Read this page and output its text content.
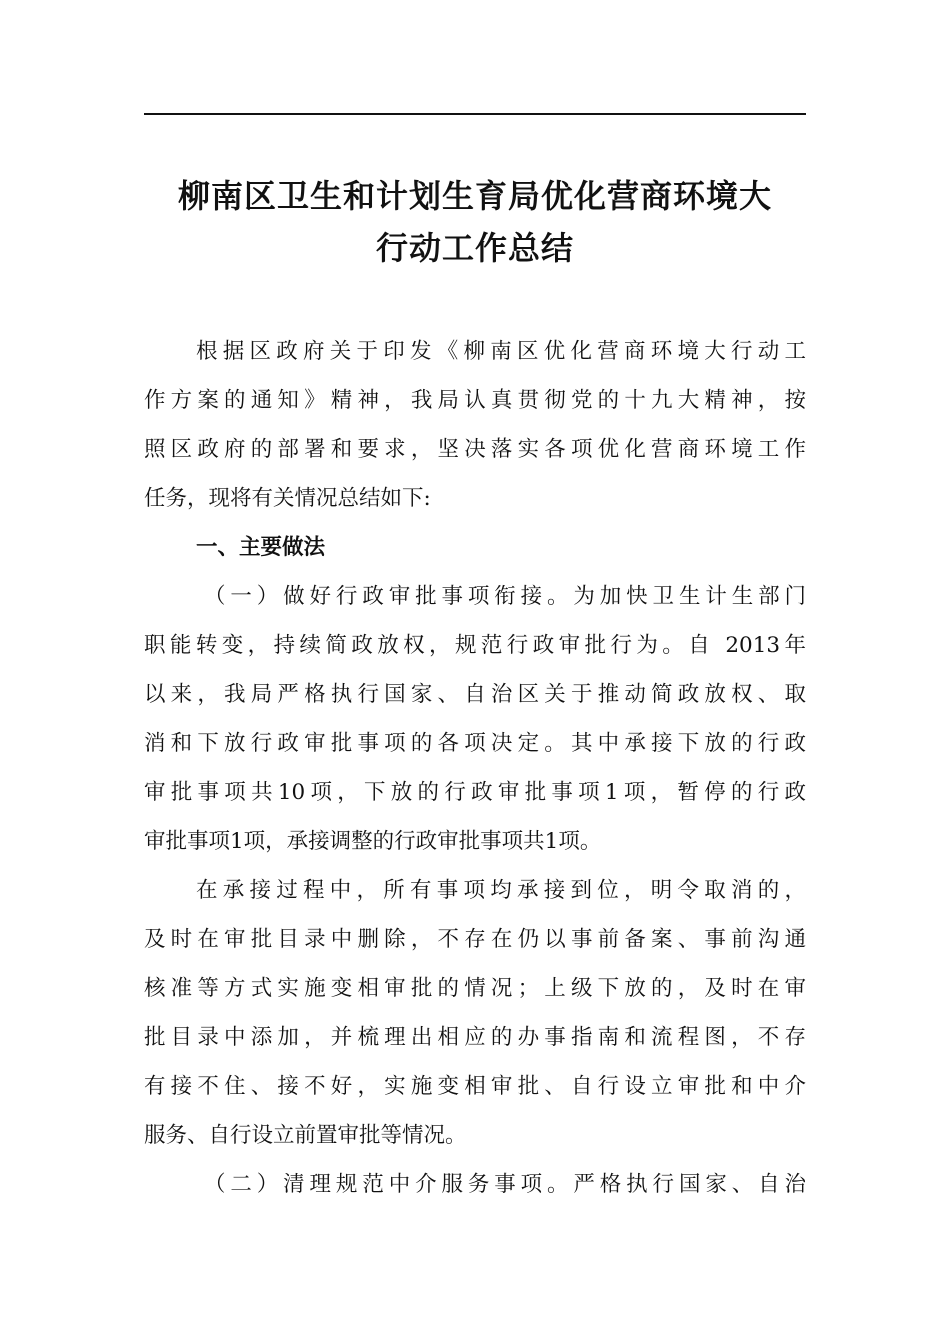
柳南区卫生和计划生育局优化营商环境大
行动工作总结
根据区政府关于印发《柳南区优化营商环境大行动工
作方案的通知》精神，我局认真贯彻党的十九大精神，按
照区政府的部署和要求，坚决落实各项优化营商环境工作
任务，现将有关情况总结如下:
一、主要做法
（一）做好行政审批事项衔接。为加快卫生计生部门
职能转变，持续简政放权，规范行政审批行为。自 2013年
以来，我局严格执行国家、自治区关于推动简政放权、取
消和下放行政审批事项的各项决定。其中承接下放的行政
审批事项共10项，下放的行政审批事项1项，暂停的行政
审批事项1项，承接调整的行政审批事项共1项。
在承接过程中，所有事项均承接到位，明令取消的，
及时在审批目录中删除，不存在仍以事前备案、事前沟通
核准等方式实施变相审批的情况；上级下放的，及时在审
批目录中添加，并梳理出相应的办事指南和流程图，不存
有接不住、接不好，实施变相审批、自行设立审批和中介
服务、自行设立前置审批等情况。
（二）清理规范中介服务事项。严格执行国家、自治
